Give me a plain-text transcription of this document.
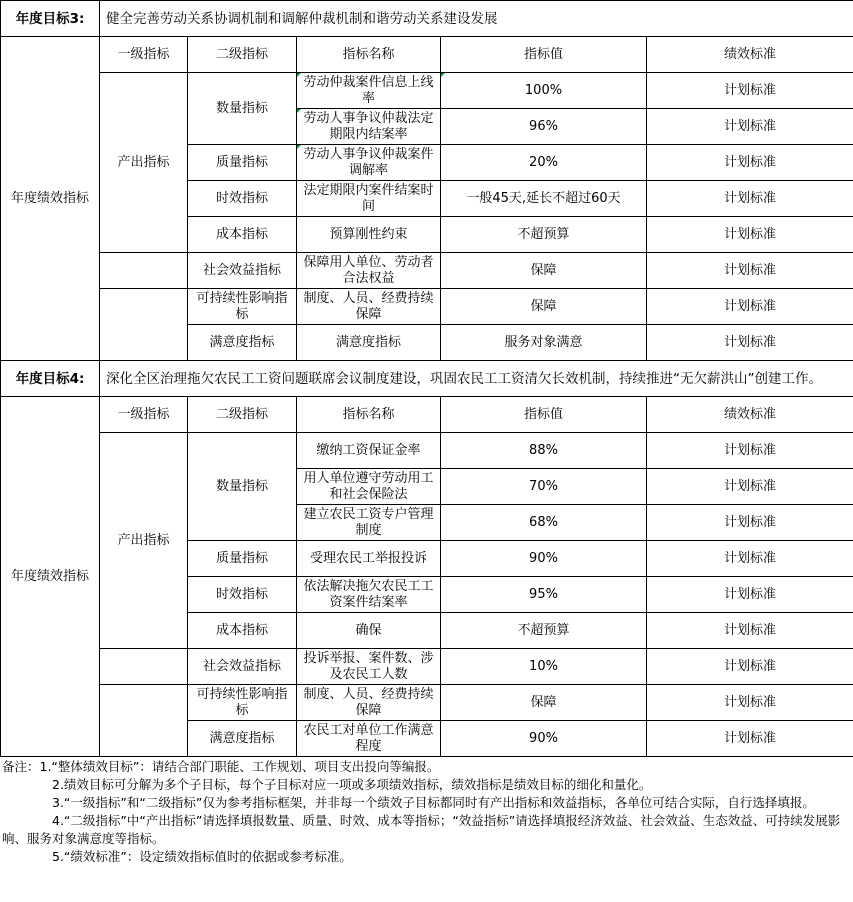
年度目标3:	健全完善劳动关系协调机制和调解仲裁机制和谐劳动关系建设发展				
年度绩效指标	一级指标	二级指标	指标名称	指标值	绩效标准
	产出指标	数量指标	劳动仲裁案件信息上线率	100%	计划标准
			劳动人事争议仲裁法定期限内结案率	96%	计划标准
		质量指标	劳动人事争议仲裁案件调解率	20%	计划标准
		时效指标	法定期限内案件结案时间	一般45天,延长不超过60天	计划标准
		成本指标	预算刚性约束	不超预算	计划标准
		社会效益指标	保障用人单位、劳动者合法权益	保障	计划标准
		可持续性影响指标	制度、人员、经费持续保障	保障	计划标准
		满意度指标	满意度指标	服务对象满意	计划标准
年度目标4:	深化全区治理拖欠农民工工资问题联席会议制度建设，巩固农民工工资清欠长效机制，持续推进“无欠薪洪山”创建工作。				
年度绩效指标	一级指标	二级指标	指标名称	指标值	绩效标准
	产出指标	数量指标	缴纳工资保证金率	88%	计划标准
			用人单位遵守劳动用工和社会保险法	70%	计划标准
			建立农民工资专户管理制度	68%	计划标准
		质量指标	受理农民工举报投诉	90%	计划标准
		时效指标	依法解决拖欠农民工工资案件结案率	95%	计划标准
		成本指标	确保	不超预算	计划标准
		社会效益指标	投诉举报、案件数、涉及农民工人数	10%	计划标准
		可持续性影响指标	制度、人员、经费持续保障	保障	计划标准
		满意度指标	农民工对单位工作满意程度	90%	计划标准

备注：1.“整体绩效目标”：请结合部门职能、工作规划、项目支出投向等编报。

2.绩效目标可分解为多个子目标，每个子目标对应一项或多项绩效指标，绩效指标是绩效目标的细化和量化。

3.“一级指标”和“二级指标”仅为参考指标框架，并非每一个绩效子目标都同时有产出指标和效益指标，各单位可结合实际，自行选择填报。

4.“二级指标”中“产出指标”请选择填报数量、质量、时效、成本等指标；“效益指标”请选择填报经济效益、社会效益、生态效益、可持续发展影响、服务对象满意度等指标。

5.“绩效标准”：设定绩效指标值时的依据或参考标准。
